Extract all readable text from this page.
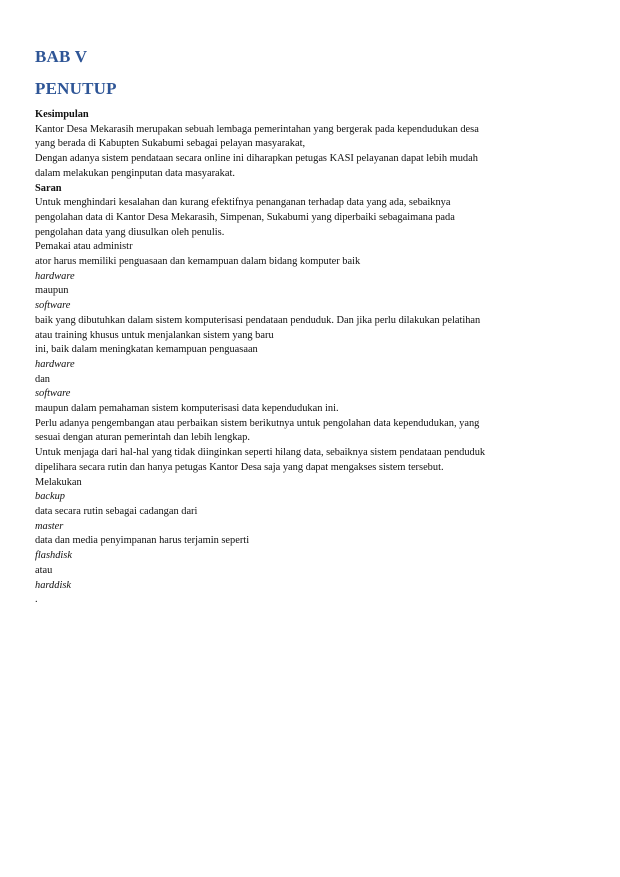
BAB V
PENUTUP
Kesimpulan
Kantor Desa Mekarasih merupakan sebuah lembaga pemerintahan yang bergerak pada kependudukan desa
yang berada di Kabupten Sukabumi sebagai pelayan masyarakat,
Dengan adanya sistem pendataan secara online ini diharapkan petugas KASI pelayanan dapat lebih mudah
dalam melakukan penginputan data masyarakat.
Saran
Untuk menghindari kesalahan dan kurang efektifnya penanganan terhadap data yang ada, sebaiknya
pengolahan data di Kantor Desa Mekarasih, Simpenan, Sukabumi yang diperbaiki sebagaimana pada
pengolahan data yang diusulkan oleh penulis.
Pemakai atau administr
ator harus memiliki penguasaan dan kemampuan dalam bidang komputer baik
hardware
maupun
software
baik yang dibutuhkan dalam sistem komputerisasi pendataan penduduk. Dan jika perlu dilakukan pelatihan
atau training khusus untuk menjalankan sistem yang baru
ini, baik dalam meningkatan kemampuan penguasaan
hardware
dan
software
maupun dalam pemahaman sistem komputerisasi data kependudukan ini.
Perlu adanya pengembangan atau perbaikan sistem berikutnya untuk pengolahan data kependudukan, yang
sesuai dengan aturan pemerintah dan lebih lengkap.
Untuk menjaga dari hal-hal yang tidak diinginkan seperti hilang data, sebaiknya sistem pendataan penduduk
dipelihara secara rutin dan hanya petugas Kantor Desa saja yang dapat mengakses sistem tersebut.
Melakukan
backup
data secara rutin sebagai cadangan dari
master
data dan media penyimpanan harus terjamin seperti
flashdisk
atau
harddisk
.
